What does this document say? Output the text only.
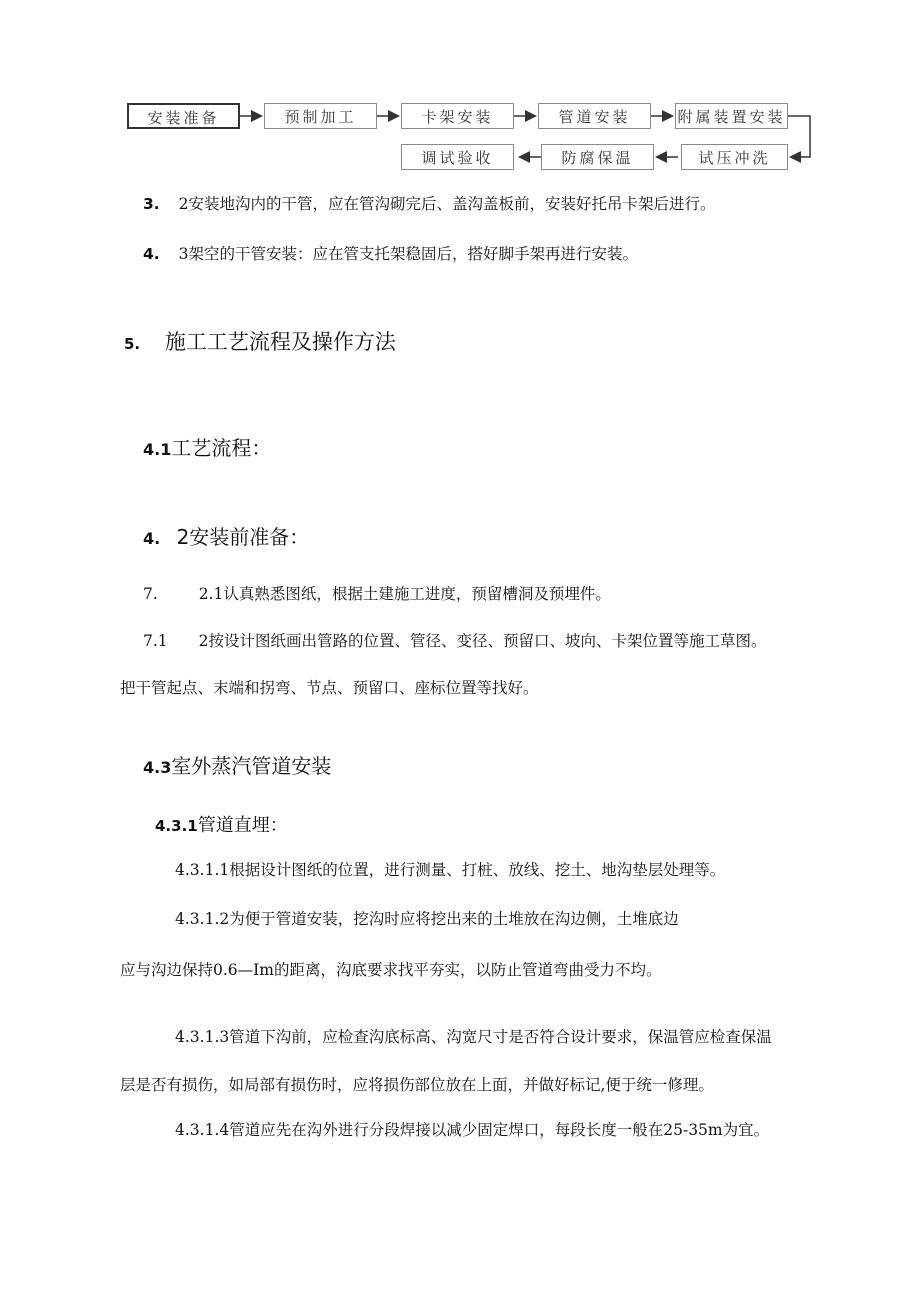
安装准备	预制加工	卡架安装	管道安装	附属装置安装
试压冲洗
防腐保温
调试验收
3. 2安装地沟内的干管，应在管沟砌完后、盖沟盖板前，安装好托吊卡架后进行。
4. 3架空的干管安装：应在管支托架稳固后，搭好脚手架再进行安装。
5. 施工工艺流程及操作方法
4.1工艺流程：
4. 2安装前准备：
7.	2.1认真熟悉图纸，根据土建施工进度，预留槽洞及预埋件。
7.1 2按设计图纸画出管路的位置、管径、变径、预留口、坡向、卡架位置等施工草图。
把干管起点、末端和拐弯、节点、预留口、座标位置等找好。
4.3室外蒸汽管道安装
4.3.1管道直埋：
4.3.1.1根据设计图纸的位置，进行测量、打桩、放线、挖土、地沟垫层处理等。
4.3.1.2为便于管道安装，挖沟时应将挖出来的土堆放在沟边侧，土堆底边
应与沟边保持0.6—Im的距离，沟底要求找平夯实，以防止管道弯曲受力不均。
4.3.1.3管道下沟前，应检查沟底标高、沟宽尺寸是否符合设计要求，保温管应检查保温
层是否有损伤，如局部有损伤时，应将损伤部位放在上面，并做好标记,便于统一修理。
4.3.1.4管道应先在沟外进行分段焊接以减少固定焊口，每段长度一般在25-35m为宜。
